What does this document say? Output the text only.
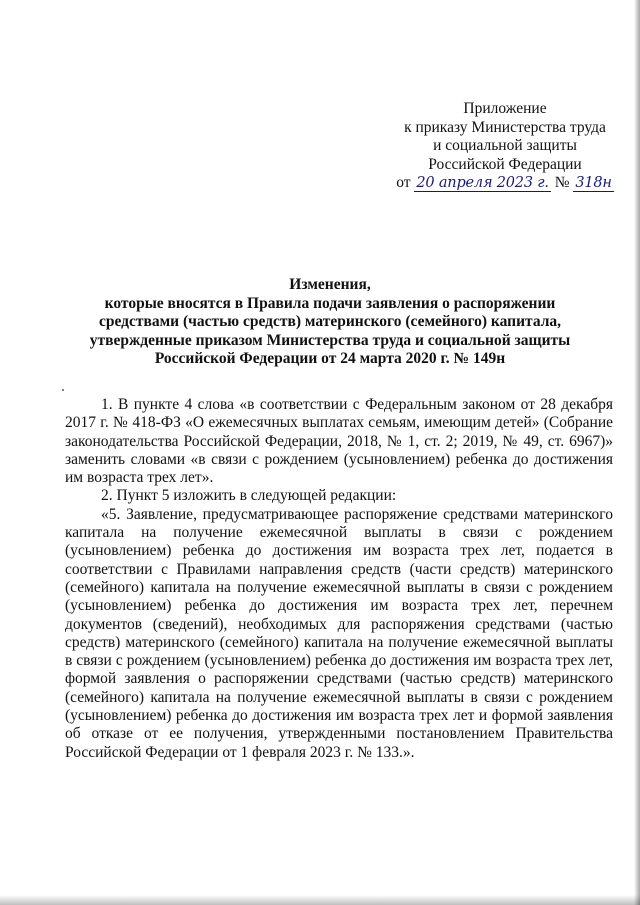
Приложение
к приказу Министерства труда
и социальной защиты
Российской Федерации
от 20 апреля 2023 г. № 318н
Изменения,
которые вносятся в Правила подачи заявления о распоряжении
средствами (частью средств) материнского (семейного) капитала,
утвержденные приказом Министерства труда и социальной защиты
Российской Федерации от 24 марта 2020 г. № 149н

1. В пункте 4 слова «в соответствии с Федеральным законом от 28 декабря 2017 г. № 418-ФЗ «О ежемесячных выплатах семьям, имеющим детей» (Собрание законодательства Российской Федерации, 2018, № 1, ст. 2; 2019, № 49, ст. 6967)» заменить словами «в связи с рождением (усыновлением) ребенка до достижения им возраста трех лет».

2. Пункт 5 изложить в следующей редакции:

«5. Заявление, предусматривающее распоряжение средствами материнского капитала на получение ежемесячной выплаты в связи с рождением (усыновлением) ребенка до достижения им возраста трех лет, подается в соответствии с Правилами направления средств (части средств) материнского (семейного) капитала на получение ежемесячной выплаты в связи с рождением (усыновлением) ребенка до достижения им возраста трех лет, перечнем документов (сведений), необходимых для распоряжения средствами (частью средств) материнского (семейного) капитала на получение ежемесячной выплаты в связи с рождением (усыновлением) ребенка до достижения им возраста трех лет, формой заявления о распоряжении средствами (частью средств) материнского (семейного) капитала на получение ежемесячной выплаты в связи с рождением (усыновлением) ребенка до достижения им возраста трех лет и формой заявления об отказе от ее получения, утвержденными постановлением Правительства Российской Федерации от 1 февраля 2023 г. № 133.».
